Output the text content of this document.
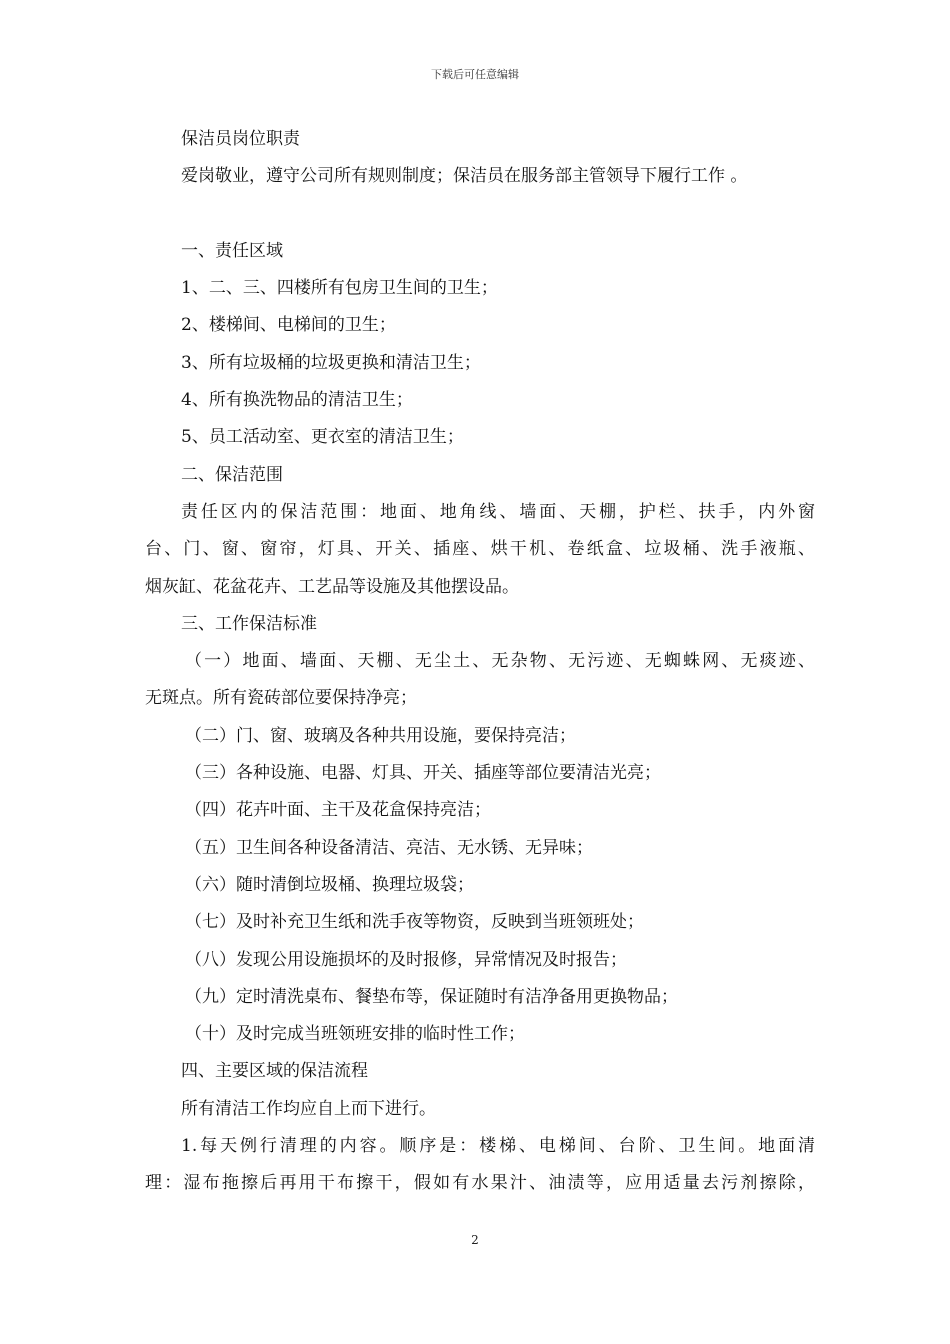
下载后可任意编辑
保洁员岗位职责
爱岗敬业，遵守公司所有规则制度；保洁员在服务部主管领导下履行工作 。
一、责任区域
1、二、三、四楼所有包房卫生间的卫生；
2、楼梯间、电梯间的卫生；
3、所有垃圾桶的垃圾更换和清洁卫生；
4、所有换洗物品的清洁卫生；
5、员工活动室、更衣室的清洁卫生；
二、保洁范围
责任区内的保洁范围：地面、地角线、墙面、天棚，护栏、扶手，内外窗
台、门、窗、窗帘，灯具、开关、插座、烘干机、卷纸盒、垃圾桶、洗手液瓶、
烟灰缸、花盆花卉、工艺品等设施及其他摆设品。
三、工作保洁标准
（一）地面、墙面、天棚、无尘土、无杂物、无污迹、无蜘蛛网、无痰迹、
无斑点。所有瓷砖部位要保持净亮；
（二）门、窗、玻璃及各种共用设施，要保持亮洁；
（三）各种设施、电器、灯具、开关、插座等部位要清洁光亮；
（四）花卉叶面、主干及花盒保持亮洁；
（五）卫生间各种设备清洁、亮洁、无水锈、无异味；
（六）随时清倒垃圾桶、换理垃圾袋；
（七）及时补充卫生纸和洗手夜等物资，反映到当班领班处；
（八）发现公用设施损坏的及时报修，异常情况及时报告；
（九）定时清洗桌布、餐垫布等，保证随时有洁净备用更换物品；
（十）及时完成当班领班安排的临时性工作；
四、主要区域的保洁流程
所有清洁工作均应自上而下进行。
1.每天例行清理的内容。顺序是：楼梯、电梯间、台阶、卫生间。地面清
理：湿布拖擦后再用干布擦干，假如有水果汁、油渍等，应用适量去污剂擦除，
2
